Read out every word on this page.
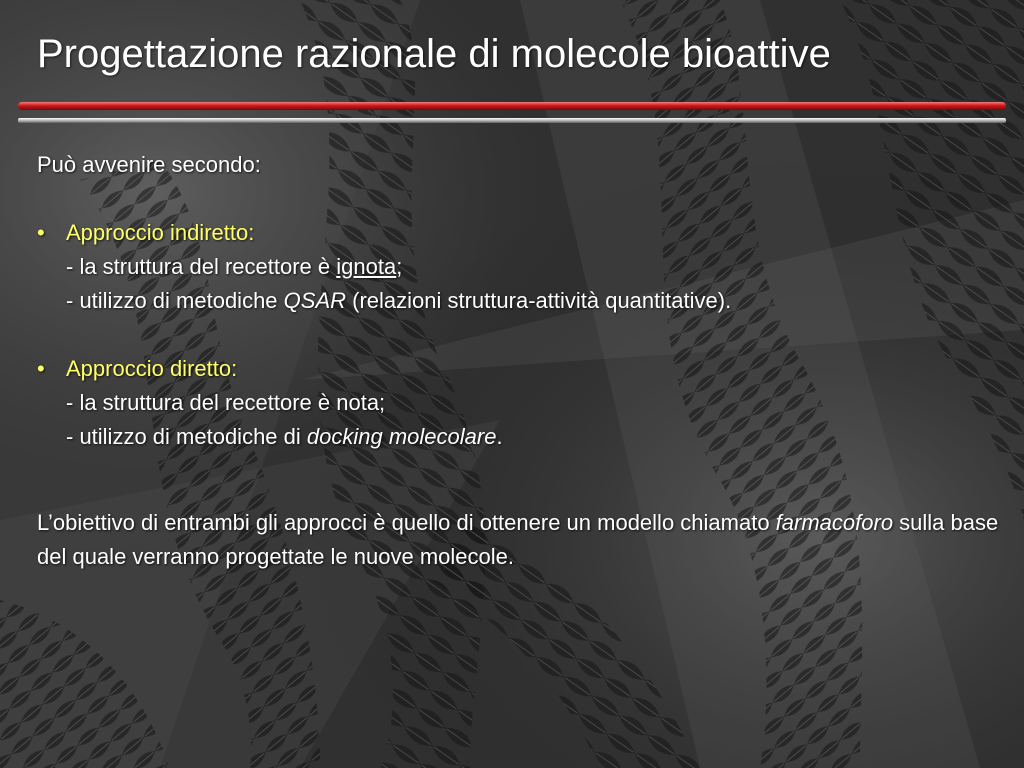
Progettazione razionale di molecole bioattive
Può avvenire secondo:
• Approccio indiretto:
- la struttura del recettore è ignota;
- utilizzo di metodiche QSAR (relazioni struttura-attività quantitative).
• Approccio diretto:
- la struttura del recettore è nota;
- utilizzo di metodiche di docking molecolare.
L’obiettivo di entrambi gli approcci è quello di ottenere un modello chiamato farmacoforo sulla base del quale verranno progettate le nuove molecole.
